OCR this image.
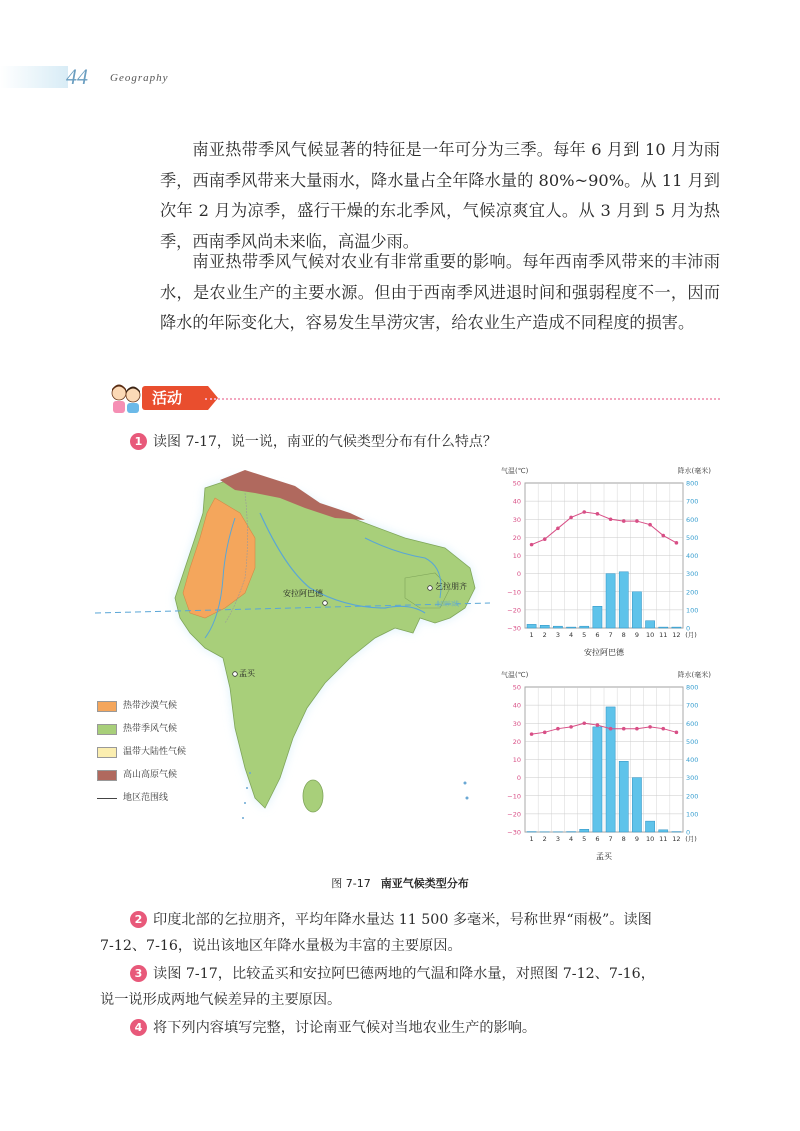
44 Geography

南亚热带季风气候显著的特征是一年可分为三季。每年 6 月到 10 月为雨季，西南季风带来大量雨水，降水量占全年降水量的 80%~90%。从 11 月到次年 2 月为凉季，盛行干燥的东北季风，气候凉爽宜人。从 3 月到 5 月为热季，西南季风尚未来临，高温少雨。

南亚热带季风气候对农业有非常重要的影响。每年西南季风带来的丰沛雨水，是农业生产的主要水源。但由于西南季风进退时间和强弱程度不一，因而降水的年际变化大，容易发生旱涝灾害，给农业生产造成不同程度的损害。

活动

1 读图 7-17，说一说，南亚的气候类型分布有什么特点？

北回归线
安拉阿巴德
乞拉朋齐
孟买
热带沙漠气候
热带季风气候
温带大陆性气候
高山高原气候
地区范围线
50	800
40	700
30	600
20	500
10	400
0	300
−10	200
−20	100
−30	0
气温(℃)	降水(毫米)
1 2 3 4 5 6 7 8 9 10 11 12 (月)
安拉阿巴德
50	800
40	700
30	600
20	500
10	400
0	300
−10	200
−20	100
−30	0
气温(℃)	降水(毫米)
1 2 3 4 5 6 7 8 9 10 11 12 (月)
孟买
图 7-17 南亚气候类型分布

2 印度北部的乞拉朋齐，平均年降水量达 11 500 多毫米，号称世界“雨极”。读图

7-12、7-16，说出该地区年降水量极为丰富的主要原因。

3 读图 7-17，比较孟买和安拉阿巴德两地的气温和降水量，对照图 7-12、7-16，

说一说形成两地气候差异的主要原因。

4 将下列内容填写完整，讨论南亚气候对当地农业生产的影响。
